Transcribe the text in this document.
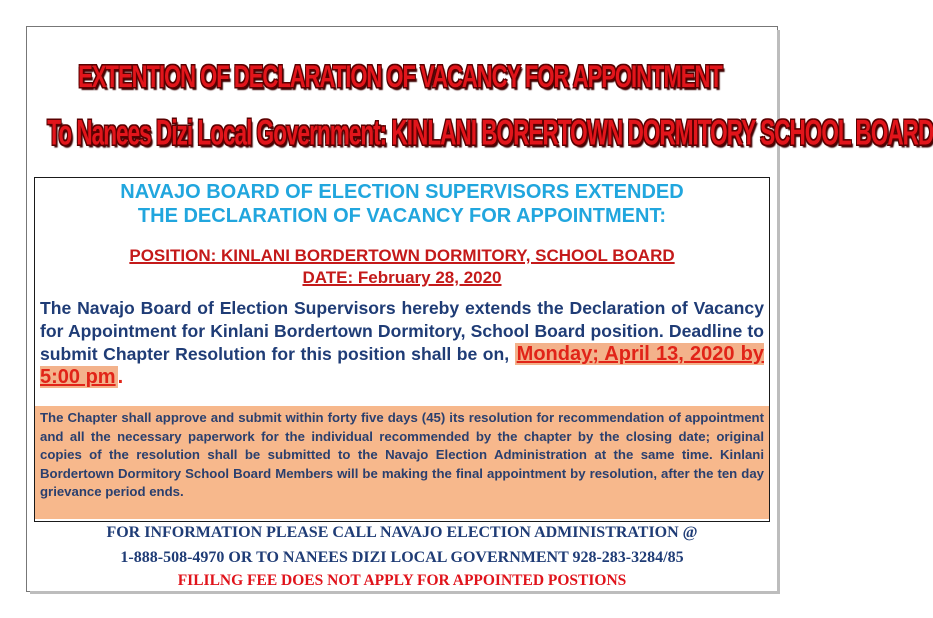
EXTENTION OF DECLARATION OF VACANCY FOR APPOINTMENT
To Nanees Dizi Local Government: KINLANI BORERTOWN DORMITORY SCHOOL BOARD
NAVAJO BOARD OF ELECTION SUPERVISORS EXTENDED
THE DECLARATION OF VACANCY FOR APPOINTMENT:
POSITION: KINLANI BORDERTOWN DORMITORY, SCHOOL BOARD
DATE: February 28, 2020
The Navajo Board of Election Supervisors hereby extends the Declaration of Vacancy for Appointment for Kinlani Bordertown Dormitory, School Board position. Deadline to submit Chapter Resolution for this position shall be on, Monday; April 13, 2020 by 5:00 pm .
The Chapter shall approve and submit within forty five days (45) its resolution for recommendation of appointment and all the necessary paperwork for the individual recommended by the chapter by the closing date; original copies of the resolution shall be submitted to the Navajo Election Administration at the same time. Kinlani Bordertown Dormitory School Board Members will be making the final appointment by resolution, after the ten day grievance period ends.
FOR INFORMATION PLEASE CALL NAVAJO ELECTION ADMINISTRATION @
1-888-508-4970 OR TO NANEES DIZI LOCAL GOVERNMENT 928-283-3284/85
FILILNG FEE DOES NOT APPLY FOR APPOINTED POSTIONS
